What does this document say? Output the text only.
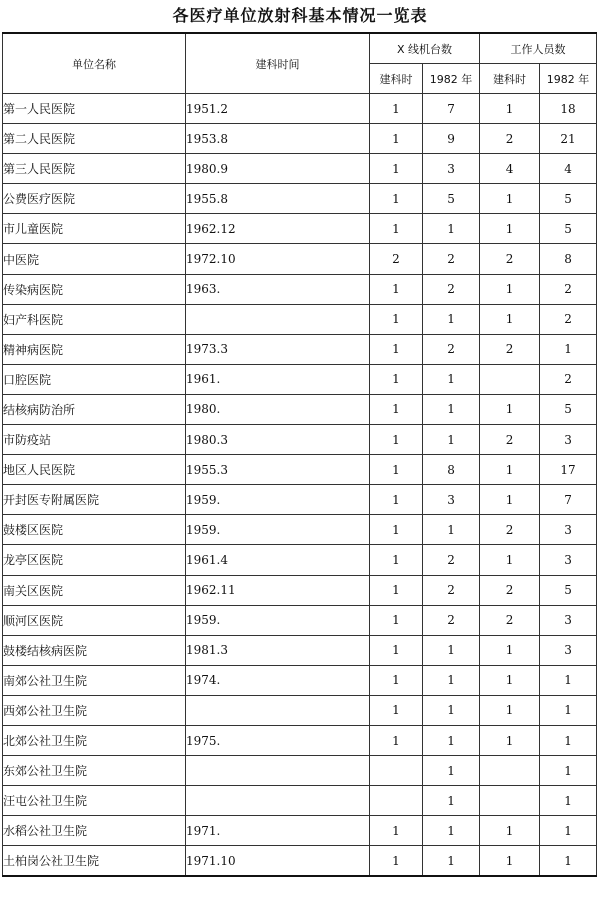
各医疗单位放射科基本情况一览表
单位名称	建科时间	X 线机台数		工作人员数	
		建科时	1982 年	建科时	1982 年
第一人民医院	1951.2	1	7	1	18
第二人民医院	1953.8	1	9	2	21
第三人民医院	1980.9	1	3	4	4
公费医疗医院	1955.8	1	5	1	5
市儿童医院	1962.12	1	1	1	5
中医院	1972.10	2	2	2	8
传染病医院	1963.	1	2	1	2
妇产科医院		1	1	1	2
精神病医院	1973.3	1	2	2	1
口腔医院	1961.	1	1		2
结核病防治所	1980.	1	1	1	5
市防疫站	1980.3	1	1	2	3
地区人民医院	1955.3	1	8	1	17
开封医专附属医院	1959.	1	3	1	7
鼓楼区医院	1959.	1	1	2	3
龙亭区医院	1961.4	1	2	1	3
南关区医院	1962.11	1	2	2	5
顺河区医院	1959.	1	2	2	3
鼓楼结核病医院	1981.3	1	1	1	3
南郊公社卫生院	1974.	1	1	1	1
西郊公社卫生院		1	1	1	1
北郊公社卫生院	1975.	1	1	1	1
东郊公社卫生院			1		1
汪屯公社卫生院			1		1
水稻公社卫生院	1971.	1	1	1	1
土柏岗公社卫生院	1971.10	1	1	1	1
